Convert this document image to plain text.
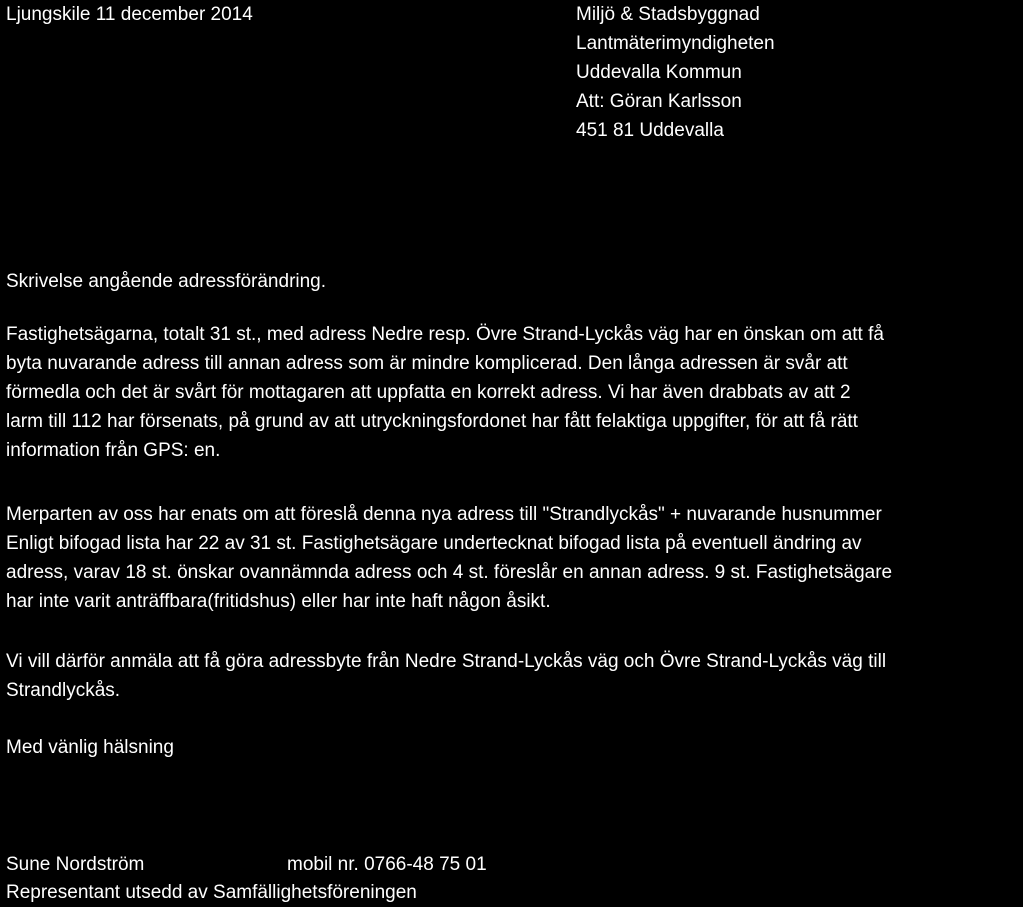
Ljungskile 11 december 2014	Miljö & Stadsbyggnad
Lantmäterimyndigheten
Uddevalla Kommun
Att: Göran Karlsson
451 81 Uddevalla
Skrivelse angående adressförändring.
Fastighetsägarna, totalt 31 st., med adress Nedre resp. Övre Strand-Lyckås väg har en önskan om att få
byta nuvarande adress till annan adress som är mindre komplicerad. Den långa adressen är svår att
förmedla och det är svårt för mottagaren att uppfatta en korrekt adress. Vi har även drabbats av att 2
larm till 112 har försenats, på grund av att utryckningsfordonet har fått felaktiga uppgifter, för att få rätt
information från GPS: en.
Merparten av oss har enats om att föreslå denna nya adress till "Strandlyckås" + nuvarande husnummer
Enligt bifogad lista har 22 av 31 st. Fastighetsägare undertecknat bifogad lista på eventuell ändring av
adress, varav 18 st. önskar ovannämnda adress och 4 st. föreslår en annan adress. 9 st. Fastighetsägare
har inte varit anträffbara(fritidshus) eller har inte haft någon åsikt.
Vi vill därför anmäla att få göra adressbyte från Nedre Strand-Lyckås väg och Övre Strand-Lyckås väg till
Strandlyckås.
Med vänlig hälsning
Sune Nordström	mobil nr. 0766-48 75 01
Representant utsedd av Samfällighetsföreningen
